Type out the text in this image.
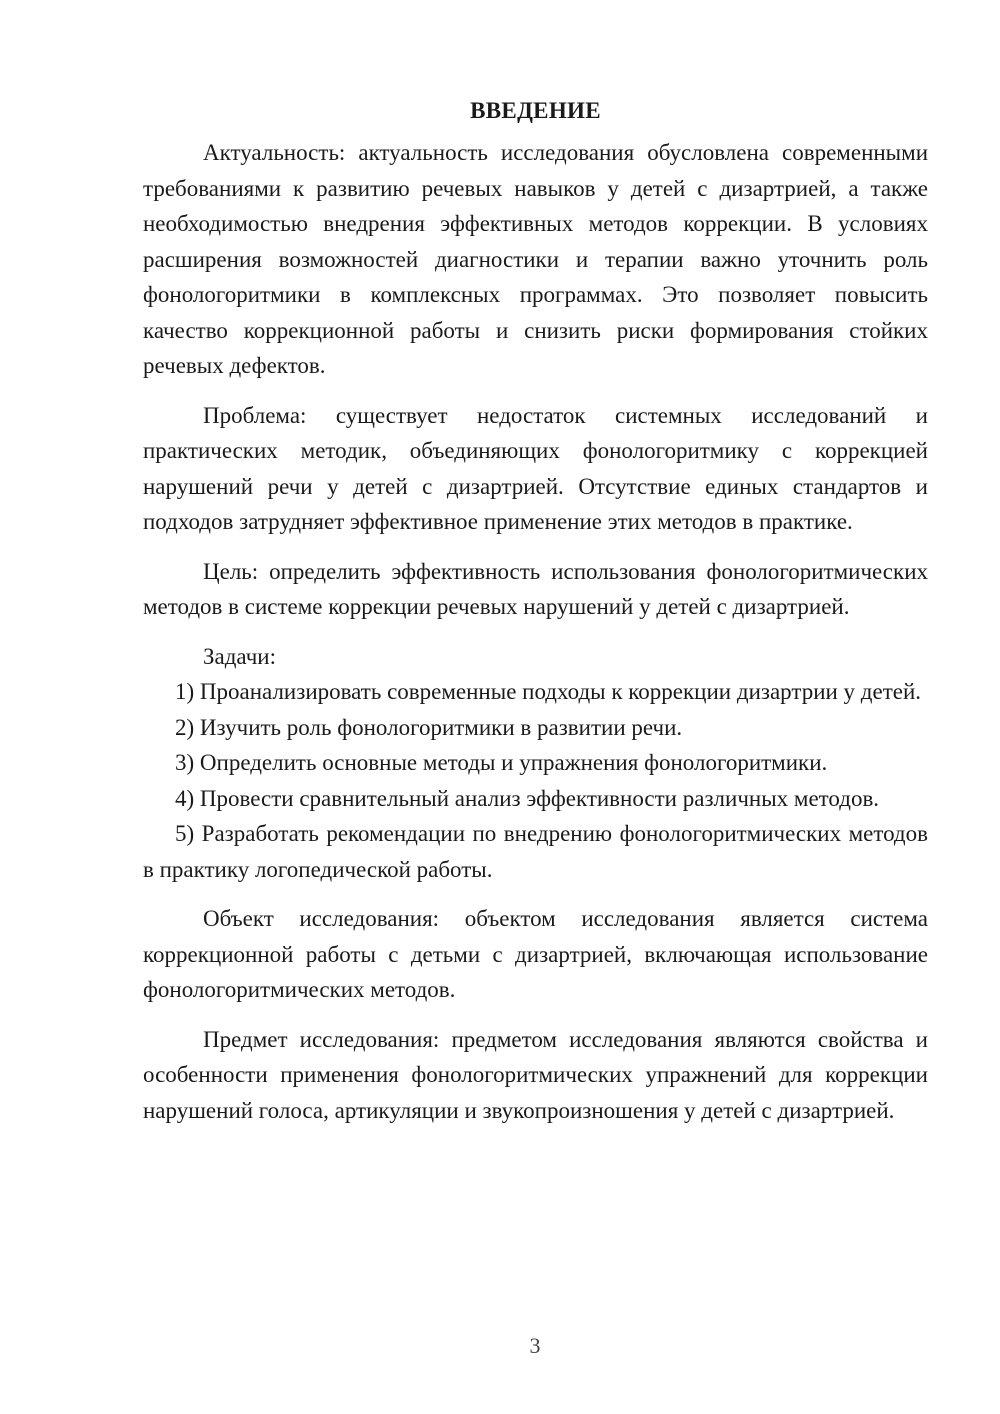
ВВЕДЕНИЕ

Актуальность: актуальность исследования обусловлена современными требованиями к развитию речевых навыков у детей с дизартрией, а также необходимостью внедрения эффективных методов коррекции. В условиях расширения возможностей диагностики и терапии важно уточнить роль фонологоритмики в комплексных программах. Это позволяет повысить качество коррекционной работы и снизить риски формирования стойких речевых дефектов.

Проблема: существует недостаток системных исследований и практических методик, объединяющих фонологоритмику с коррекцией нарушений речи у детей с дизартрией. Отсутствие единых стандартов и подходов затрудняет эффективное применение этих методов в практике.

Цель: определить эффективность использования фонологоритмических методов в системе коррекции речевых нарушений у детей с дизартрией.

Задачи:

1) Проанализировать современные подходы к коррекции дизартрии у детей.

2) Изучить роль фонологоритмики в развитии речи.

3) Определить основные методы и упражнения фонологоритмики.

4) Провести сравнительный анализ эффективности различных методов.

5) Разработать рекомендации по внедрению фонологоритмических методов в практику логопедической работы.

Объект исследования: объектом исследования является система коррекционной работы с детьми с дизартрией, включающая использование фонологоритмических методов.

Предмет исследования: предметом исследования являются свойства и особенности применения фонологоритмических упражнений для коррекции нарушений голоса, артикуляции и звукопроизношения у детей с дизартрией.

3
